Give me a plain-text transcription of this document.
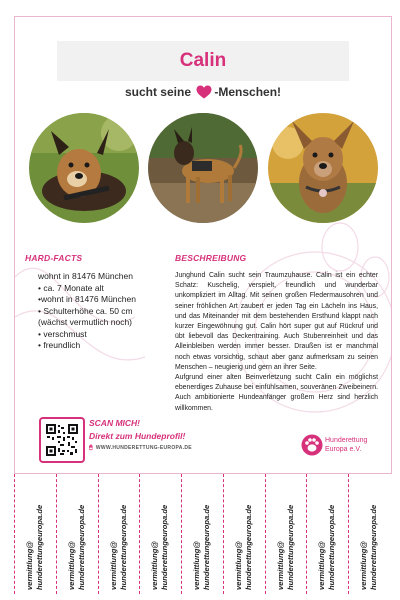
Calin
sucht seine -Menschen!
HARD-FACTS
wohnt in 81476 München
• ca. 7 Monate alt
•wohnt in 81476 München
• Schulterhöhe ca. 50 cm
(wächst vermutlich noch)
• verschmust
• freundlich
BESCHREIBUNG

Junghund Calin sucht sein Traumzuhause. Calin ist ein echter Schatz: Kuschelig, verspielt, freundlich und wunderbar unkompliziert im Alltag. Mit seinen großen Fledermausohren und seiner fröhlichen Art zaubert er jeden Tag ein Lächeln ins Haus, und das Miteinander mit dem bestehenden Ersthund klappt nach kurzer Eingewöhnung gut. Calin hört super gut auf Rückruf und übt liebevoll das Deckentraining. Auch Stubenreinheit und das Alleinbleiben werden immer besser. Draußen ist er manchmal noch etwas vorsichtig, schaut aber ganz aufmerksam zu seinen Menschen – neugierig und gern an ihrer Seite.

Aufgrund einer alten Beinverletzung sucht Calin ein möglichst ebenerdiges Zuhause bei einfühlsamen, souveränen Zweibeinern. Auch ambitionierte Hundeanfänger großem Herz sind herzlich willkommen.

SCAN MICH!
Direkt zum Hundeprofil!
🖱 WWW.HUNDERETTUNG-EUROPA.DE
Hunderettung
Europa e.V.
vermittlung@ hunderettungeuropa.de	vermittlung@ hunderettungeuropa.de	vermittlung@ hunderettungeuropa.de	vermittlung@ hunderettungeuropa.de	vermittlung@ hunderettungeuropa.de	vermittlung@ hunderettungeuropa.de	vermittlung@ hunderettungeuropa.de	vermittlung@ hunderettungeuropa.de	vermittlung@ hunderettungeuropa.de
